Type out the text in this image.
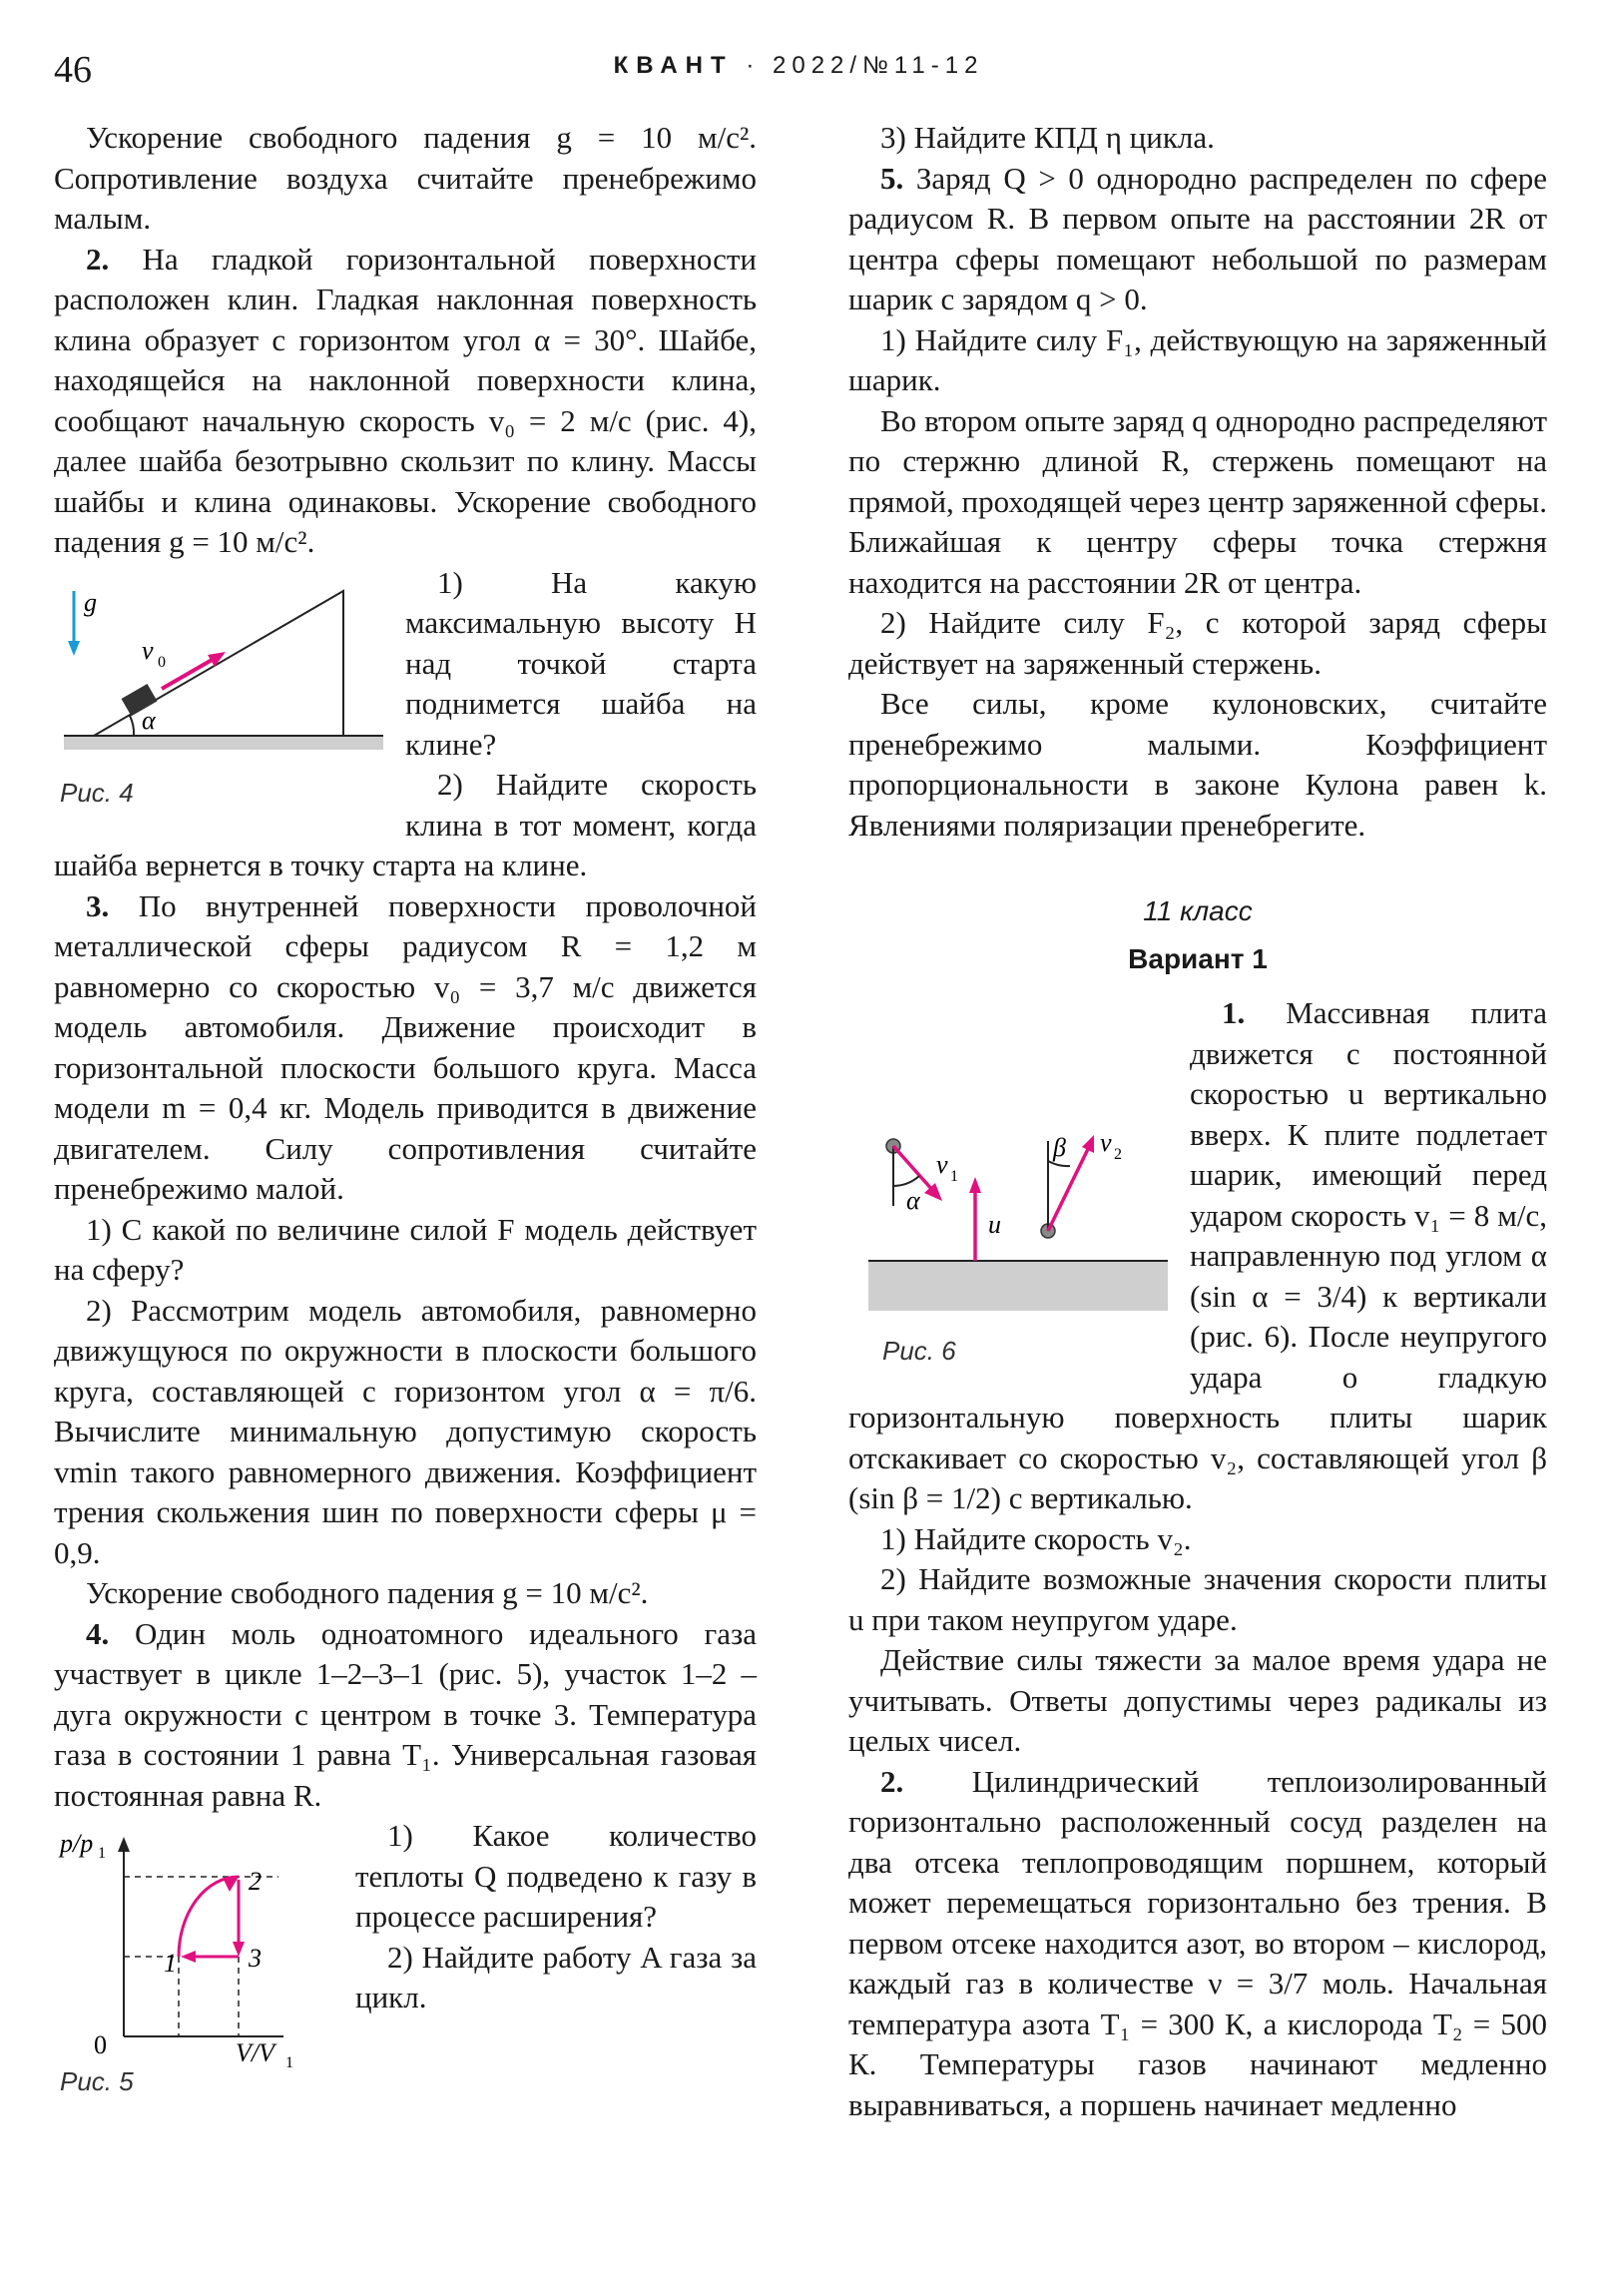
46	КВАНТ · 2022/№11-12

Ускорение свободного падения g = 10 м/с². Сопротивление воздуха считайте пренебрежимо малым.

2. На гладкой горизонтальной поверхности расположен клин. Гладкая наклонная поверхность клина образует с горизонтом угол α = 30°. Шайбе, находящейся на наклонной поверхности клина, сообщают начальную скорость v₀ = 2 м/с (рис. 4), далее шайба безотрывно скользит по клину. Массы шайбы и клина одинаковы. Ускорение свободного падения g = 10 м/с².

g
v 0
α
Рис. 4

1) На какую максимальную высоту H над точкой старта поднимется шайба на клине?

2) Найдите скорость клина в тот момент, когда шайба вернется в точку старта на клине.

3. По внутренней поверхности проволочной металлической сферы радиусом R = 1,2 м равномерно со скоростью v₀ = 3,7 м/с движется модель автомобиля. Движение происходит в горизонтальной плоскости большого круга. Масса модели m = 0,4 кг. Модель приводится в движение двигателем. Силу сопротивления считайте пренебрежимо малой.

1) С какой по величине силой F модель действует на сферу?

2) Рассмотрим модель автомобиля, равномерно движущуюся по окружности в плоскости большого круга, составляющей с горизонтом угол α = π/6. Вычислите минимальную допустимую скорость vmin такого равномерного движения. Коэффициент трения скольжения шин по поверхности сферы μ = 0,9.

Ускорение свободного падения g = 10 м/с².

4. Один моль одноатомного идеального газа участвует в цикле 1–2–3–1 (рис. 5), участок 1–2 – дуга окружности с центром в точке 3. Температура газа в состоянии 1 равна T₁. Универсальная газовая постоянная равна R.

p/p 1
V/V 1
0
1
2
3
Рис. 5

1) Какое количество теплоты Q подведено к газу в процессе расширения?

2) Найдите работу A газа за цикл.

3) Найдите КПД η цикла.

5. Заряд Q > 0 однородно распределен по сфере радиусом R. В первом опыте на расстоянии 2R от центра сферы помещают небольшой по размерам шарик с зарядом q > 0.

1) Найдите силу F₁, действующую на заряженный шарик.

Во втором опыте заряд q однородно распределяют по стержню длиной R, стержень помещают на прямой, проходящей через центр заряженной сферы. Ближайшая к центру сферы точка стержня находится на расстоянии 2R от центра.

2) Найдите силу F₂, с которой заряд сферы действует на заряженный стержень.

Все силы, кроме кулоновских, считайте пренебрежимо малыми. Коэффициент пропорциональности в законе Кулона равен k. Явлениями поляризации пренебрегите.

11 класс
Вариант 1
v 1
α
u
β v 2
Рис. 6

1. Массивная плита движется с постоянной скоростью u вертикально вверх. К плите подлетает шарик, имеющий перед ударом скорость v₁ = 8 м/с, направленную под углом α (sin α = 3/4) к вертикали (рис. 6). После неупругого удара о гладкую горизонтальную поверхность плиты шарик отскакивает со скоростью v₂, составляющей угол β (sin β = 1/2) с вертикалью.

1) Найдите скорость v₂.

2) Найдите возможные значения скорости плиты u при таком неупругом ударе.

Действие силы тяжести за малое время удара не учитывать. Ответы допустимы через радикалы из целых чисел.

2. Цилиндрический теплоизолированный горизонтально расположенный сосуд разделен на два отсека теплопроводящим поршнем, который может перемещаться горизонтально без трения. В первом отсеке находится азот, во втором – кислород, каждый газ в количестве ν = 3/7 моль. Начальная температура азота T₁ = 300 К, а кислорода T₂ = 500 К. Температуры газов начинают медленно выравниваться, а поршень начинает медленно
